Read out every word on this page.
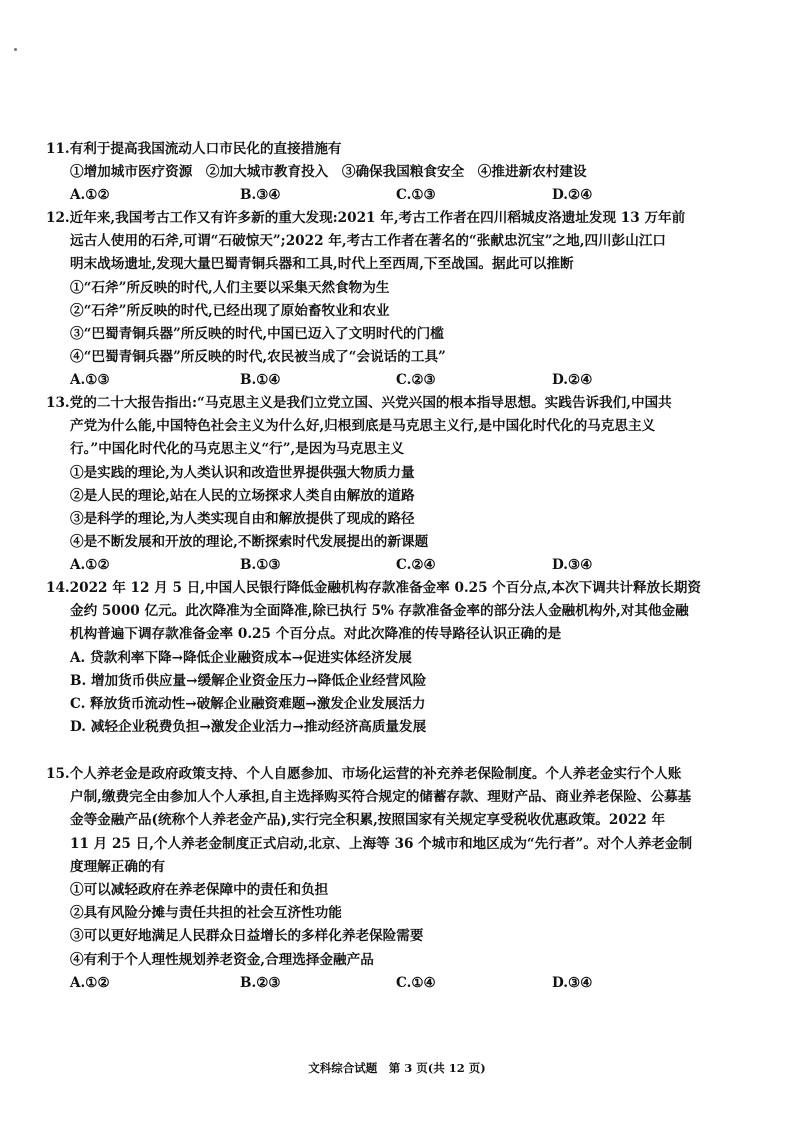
11.有利于提高我国流动人口市民化的直接措施有
①增加城市医疗资源　②加大城市教育投入　③确保我国粮食安全　④推进新农村建设
A.①②	B.③④	C.①③	D.②④
12.近年来,我国考古工作又有许多新的重大发现:2021 年,考古工作者在四川稻城皮洛遗址发现 13 万年前
远古人使用的石斧,可谓“石破惊天”;2022 年,考古工作者在著名的“张献忠沉宝”之地,四川彭山江口
明末战场遗址,发现大量巴蜀青铜兵器和工具,时代上至西周,下至战国。据此可以推断
①“石斧”所反映的时代,人们主要以采集天然食物为生
②“石斧”所反映的时代,已经出现了原始畜牧业和农业
③“巴蜀青铜兵器”所反映的时代,中国已迈入了文明时代的门槛
④“巴蜀青铜兵器”所反映的时代,农民被当成了“会说话的工具”
A.①③	B.①④	C.②③	D.②④
13.党的二十大报告指出:“马克思主义是我们立党立国、兴党兴国的根本指导思想。实践告诉我们,中国共
产党为什么能,中国特色社会主义为什么好,归根到底是马克思主义行,是中国化时代化的马克思主义
行。”中国化时代化的马克思主义“行”,是因为马克思主义
①是实践的理论,为人类认识和改造世界提供强大物质力量
②是人民的理论,站在人民的立场探求人类自由解放的道路
③是科学的理论,为人类实现自由和解放提供了现成的路径
④是不断发展和开放的理论,不断探索时代发展提出的新课题
A.①②	B.①③	C.②④	D.③④
14.2022 年 12 月 5 日,中国人民银行降低金融机构存款准备金率 0.25 个百分点,本次下调共计释放长期资
金约 5000 亿元。此次降准为全面降准,除已执行 5% 存款准备金率的部分法人金融机构外,对其他金融
机构普遍下调存款准备金率 0.25 个百分点。对此次降准的传导路径认识正确的是
A. 贷款利率下降→降低企业融资成本→促进实体经济发展
B. 增加货币供应量→缓解企业资金压力→降低企业经营风险
C. 释放货币流动性→破解企业融资难题→激发企业发展活力
D. 减轻企业税费负担→激发企业活力→推动经济高质量发展
15.个人养老金是政府政策支持、个人自愿参加、市场化运营的补充养老保险制度。个人养老金实行个人账
户制,缴费完全由参加人个人承担,自主选择购买符合规定的储蓄存款、理财产品、商业养老保险、公募基
金等金融产品(统称个人养老金产品),实行完全积累,按照国家有关规定享受税收优惠政策。2022 年
11 月 25 日,个人养老金制度正式启动,北京、上海等 36 个城市和地区成为“先行者”。对个人养老金制
度理解正确的有
①可以减轻政府在养老保障中的责任和负担
②具有风险分摊与责任共担的社会互济性功能
③可以更好地满足人民群众日益增长的多样化养老保险需要
④有利于个人理性规划养老资金,合理选择金融产品
A.①②	B.②③	C.①④	D.③④
文科综合试题　第 3 页(共 12 页)
